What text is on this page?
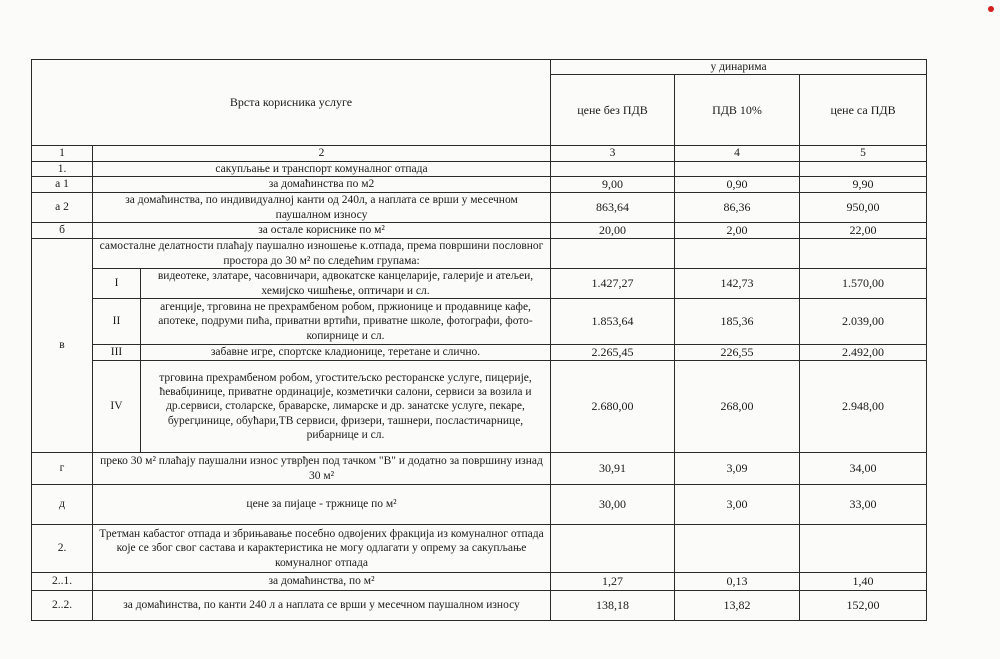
Врста корисника услуге			у динарима		
			цене без ПДВ	ПДВ 10%	цене са ПДВ
1	2		3	4	5
1.	сакупљање и транспорт комуналног отпада				
а 1	за домаћинства по м2		9,00	0,90	9,90
а 2	за домаћинства, по индивидуалној канти од 240л, а наплата се врши у месечном паушалном износу		863,64	86,36	950,00
б	за остале кориснике по м²		20,00	2,00	22,00
в	самосталне делатности плаћају паушално изношење к.отпада, према површини пословног простора до 30 м² по следећим групама:				
	I	видеотеке, златаре, часовничари, адвокатске канцеларије, галерије и атељеи, хемијско чишћење, оптичари и сл.	1.427,27	142,73	1.570,00
	II	агенције, трговина не прехрамбеном робом, пржионице и продавнице кафе, апотеке, подруми пића, приватни вртићи, приватне школе, фотографи, фото-копирнице и сл.	1.853,64	185,36	2.039,00
	III	забавне игре, спортске кладионице, теретане и слично.	2.265,45	226,55	2.492,00
	IV	трговина прехрамбеном робом, угоститељско ресторанске услуге, пицерије, ћевабџинице, приватне ординације, козметички салони, сервиси за возила и др.сервиси, столарске, браварске, лимарске и др. занатске услуге, пекаре, бурегџинице, обућари,ТВ сервиси, фризери, ташнери, посластичарнице, рибарнице и сл.	2.680,00	268,00	2.948,00
г	преко 30 м² плаћају паушални износ утврђен под тачком "В" и додатно за површину изнад 30 м²		30,91	3,09	34,00
д	цене за пијаце - тржнице по м²		30,00	3,00	33,00
2.	Третман кабастог отпада и збрињавање посебно одвојених фракција из комуналног отпада које се због свог састава и карактеристика не могу одлагати у опрему за сакупљање комуналног отпада				
2..1.	за домаћинства, по м²		1,27	0,13	1,40
2..2.	за домаћинства, по канти 240 л а наплата се врши у месечном паушалном износу		138,18	13,82	152,00
